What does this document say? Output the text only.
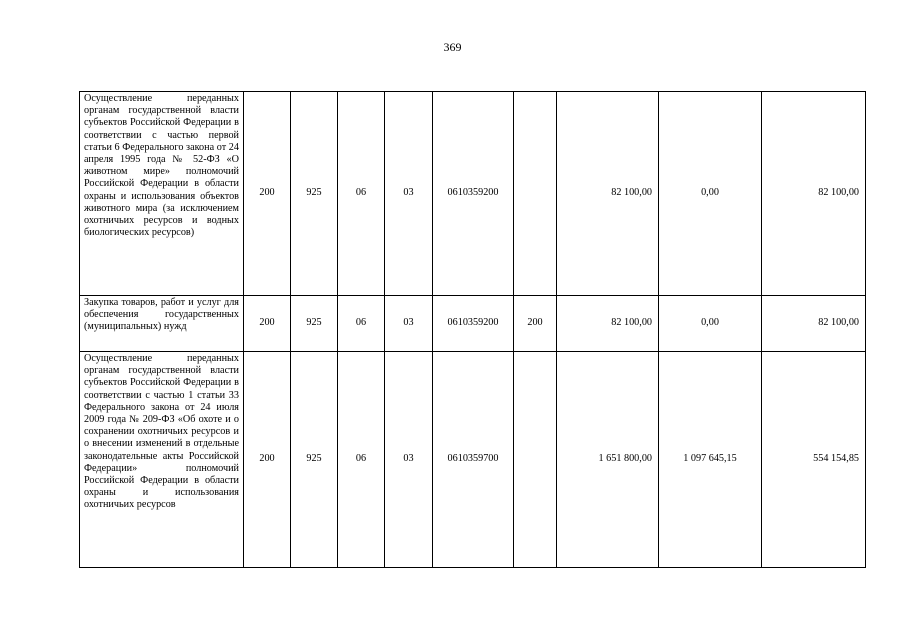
369
Осуществление переданных органам государственной власти субъектов Российской Федерации в соответствии с частью первой статьи 6 Федерального закона от 24 апреля 1995 года № 52-ФЗ «О животном мире» полномочий Российской Федерации в области охраны и использования объектов животного мира (за исключением охотничьих ресурсов и водных биологических ресурсов)	200	925	06	03	0610359200		82 100,00	0,00	82 100,00
Закупка товаров, работ и услуг для обеспечения государственных (муниципальных) нужд	200	925	06	03	0610359200	200	82 100,00	0,00	82 100,00
Осуществление переданных органам государственной власти субъектов Российской Федерации в соответствии с частью 1 статьи 33 Федерального закона от 24 июля 2009 года № 209-ФЗ «Об охоте и о сохранении охотничьих ресурсов и о внесении изменений в отдельные законодательные акты Российской Федерации» полномочий Российской Федерации в области охраны и использования охотничьих ресурсов	200	925	06	03	0610359700		1 651 800,00	1 097 645,15	554 154,85
